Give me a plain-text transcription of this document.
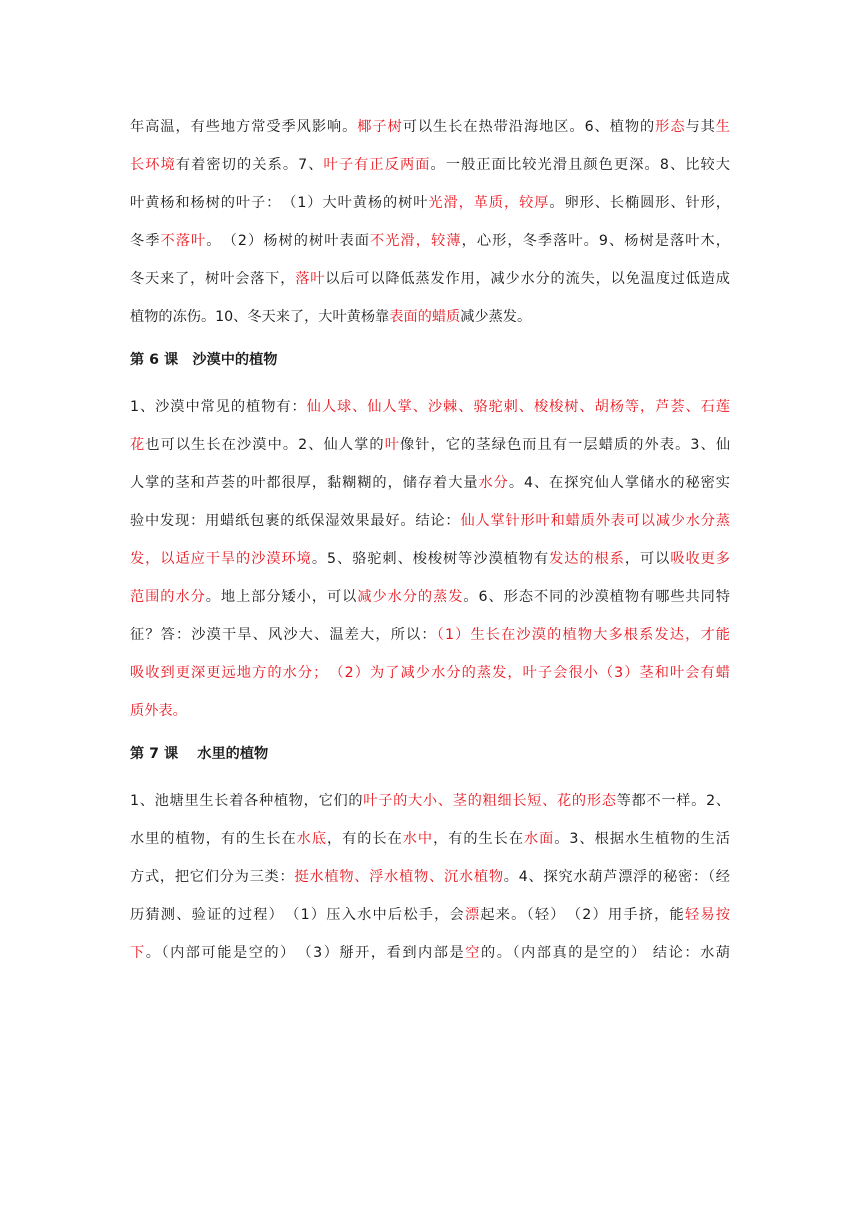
年高温，有些地方常受季风影响。椰子树可以生长在热带沿海地区。6、植物的形态与其生
长环境有着密切的关系。7、叶子有正反两面。一般正面比较光滑且颜色更深。8、比较大
叶黄杨和杨树的叶子：　（1）大叶黄杨的树叶光滑，革质，较厚。卵形、长椭圆形、针形，
冬季不落叶。　（2）杨树的树叶表面不光滑，较薄，心形，冬季落叶。9、杨树是落叶木，
冬天来了，树叶会落下，落叶以后可以降低蒸发作用，减少水分的流失，以免温度过低造成
植物的冻伤。10、冬天来了，大叶黄杨靠表面的蜡质减少蒸发。
第 6 课　沙漠中的植物
1、沙漠中常见的植物有：仙人球、仙人掌、沙棘、骆驼刺、梭梭树、胡杨等，芦荟、石莲
花也可以生长在沙漠中。2、仙人掌的叶像针，它的茎绿色而且有一层蜡质的外表。3、仙
人掌的茎和芦荟的叶都很厚，黏糊糊的，储存着大量水分。4、在探究仙人掌储水的秘密实
验中发现：用蜡纸包裹的纸保湿效果最好。结论：仙人掌针形叶和蜡质外表可以减少水分蒸
发，以适应干旱的沙漠环境。5、骆驼刺、梭梭树等沙漠植物有发达的根系，可以吸收更多
范围的水分。地上部分矮小，可以减少水分的蒸发。6、形态不同的沙漠植物有哪些共同特
征？答：沙漠干旱、风沙大、温差大，所以：（1）生长在沙漠的植物大多根系发达，才能
吸收到更深更远地方的水分；　（2）为了减少水分的蒸发，叶子会很小（3）茎和叶会有蜡
质外表。
第 7 课　 水里的植物
1、池塘里生长着各种植物，它们的叶子的大小、茎的粗细长短、花的形态等都不一样。2、
水里的植物，有的生长在水底，有的长在水中，有的生长在水面。3、根据水生植物的生活
方式，把它们分为三类：挺水植物、浮水植物、沉水植物。4、探究水葫芦漂浮的秘密：（经
历猜测、验证的过程）　（1）压入水中后松手，会漂起来。（轻）　（2）用手挤，能轻易按
下。（内部可能是空的）　（3）掰开，看到内部是空的。（内部真的是空的） 结论：水葫
